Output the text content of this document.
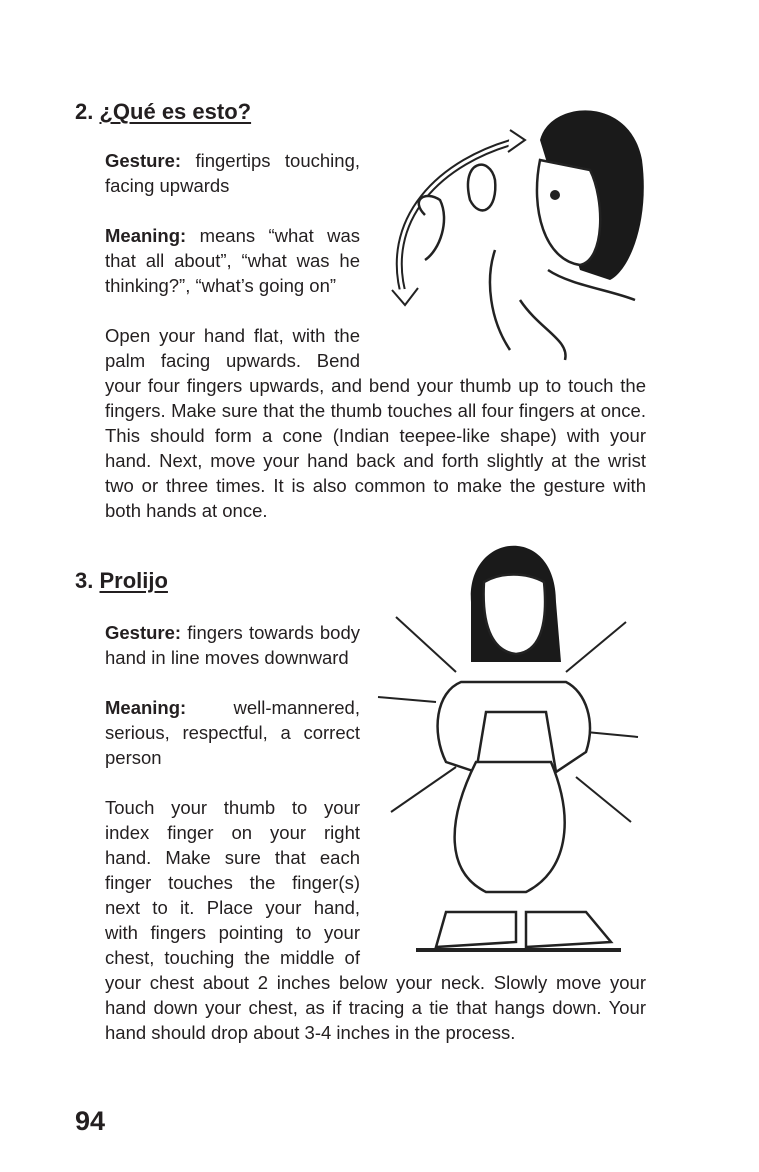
2. ¿Qué es esto?

Gesture: fingertips touching, facing upwards

Meaning: means “what was that all about”, “what was he thinking?”, “what’s going on”

Open your hand flat, with the palm facing upwards. Bend your four fingers upwards, and bend your thumb up to touch the fingers. Make sure that the thumb touches all four fingers at once. This should form a cone (Indian teepee-like shape) with your hand. Next, move your hand back and forth slightly at the wrist two or three times. It is also common to make the gesture with both hands at once.

3. Prolijo

Gesture: fingers towards body hand in line moves downward

Meaning:	well-mannered, serious, respectful, a correct person

Touch your thumb to your index finger on your right hand. Make sure that each finger touches the finger(s) next to it. Place your hand, with fingers pointing to your chest, touching the middle of your chest about 2 inches below your neck. Slowly move your hand down your chest, as if tracing a tie that hangs down. Your hand should drop about 3-4 inches in the process.

94
